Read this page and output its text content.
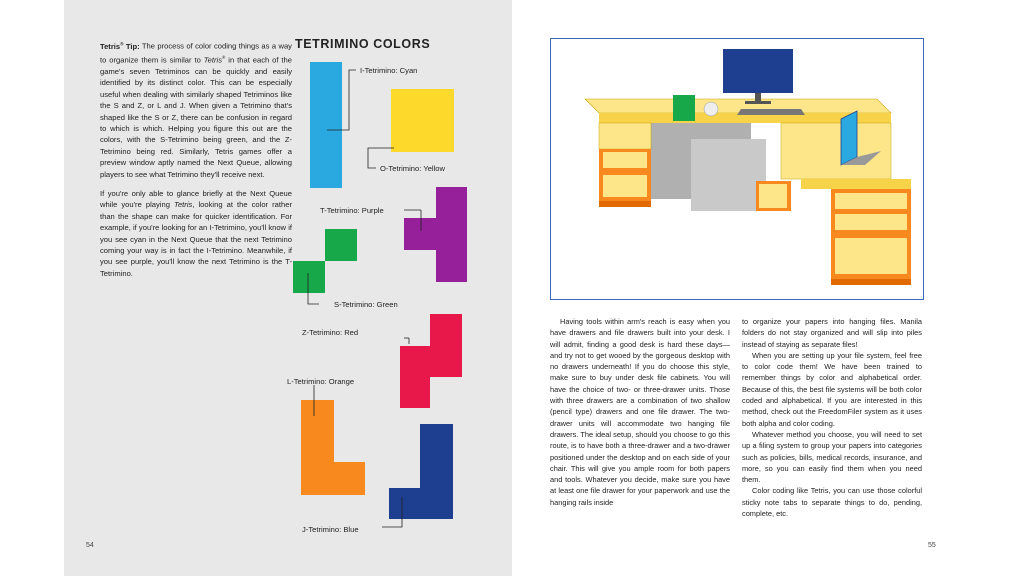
Tetris® Tip: The process of color coding things as a way to organize them is similar to Tetris® in that each of the game's seven Tetriminos can be quickly and easily identified by its distinct color. This can be especially useful when dealing with similarly shaped Tetriminos like the S and Z, or L and J. When given a Tetrimino that's shaped like the S or Z, there can be confusion in regard to which is which. Helping you figure this out are the colors, with the S-Tetrimino being green, and the Z-Tetrimino being red. Similarly, Tetris games offer a preview window aptly named the Next Queue, allowing players to see what Tetrimino they'll receive next.

If you're only able to glance briefly at the Next Queue while you're playing Tetris, looking at the color rather than the shape can make for quicker identification. For example, if you're looking for an I-Tetrimino, you'll know if you see cyan in the Next Queue that the next Tetrimino coming your way is in fact the I-Tetrimino. Meanwhile, if you see purple, you'll know the next Tetrimino is the T-Tetrimino.

TETRIMINO COLORS
I-Tetrimino: Cyan
O-Tetrimino: Yellow
T-Tetrimino: Purple
S-Tetrimino: Green
Z-Tetrimino: Red
L-Tetrimino: Orange
J-Tetrimino: Blue
54

Having tools within arm's reach is easy when you have drawers and file drawers built into your desk. I will admit, finding a good desk is hard these days—and try not to get wooed by the gorgeous desktop with no drawers underneath! If you do choose this style, make sure to buy under desk file cabinets. You will have the choice of two- or three-drawer units. Those with three drawers are a combination of two shallow (pencil type) drawers and one file drawer. The two-drawer units will accommodate two hanging file drawers. The ideal setup, should you choose to go this route, is to have both a three-drawer and a two-drawer positioned under the desktop and on each side of your chair. This will give you ample room for both papers and tools. Whatever you decide, make sure you have at least one file drawer for your paperwork and use the hanging rails inside

to organize your papers into hanging files. Manila folders do not stay organized and will slip into piles instead of staying as separate files!

When you are setting up your file system, feel free to color code them! We have been trained to remember things by color and alphabetical order. Because of this, the best file systems will be both color coded and alphabetical. If you are interested in this method, check out the FreedomFiler system as it uses both alpha and color coding.

Whatever method you choose, you will need to set up a filing system to group your papers into categories such as policies, bills, medical records, insurance, and more, so you can easily find them when you need them.

Color coding like Tetris, you can use those colorful sticky note tabs to separate things to do, pending, complete, etc.

55
